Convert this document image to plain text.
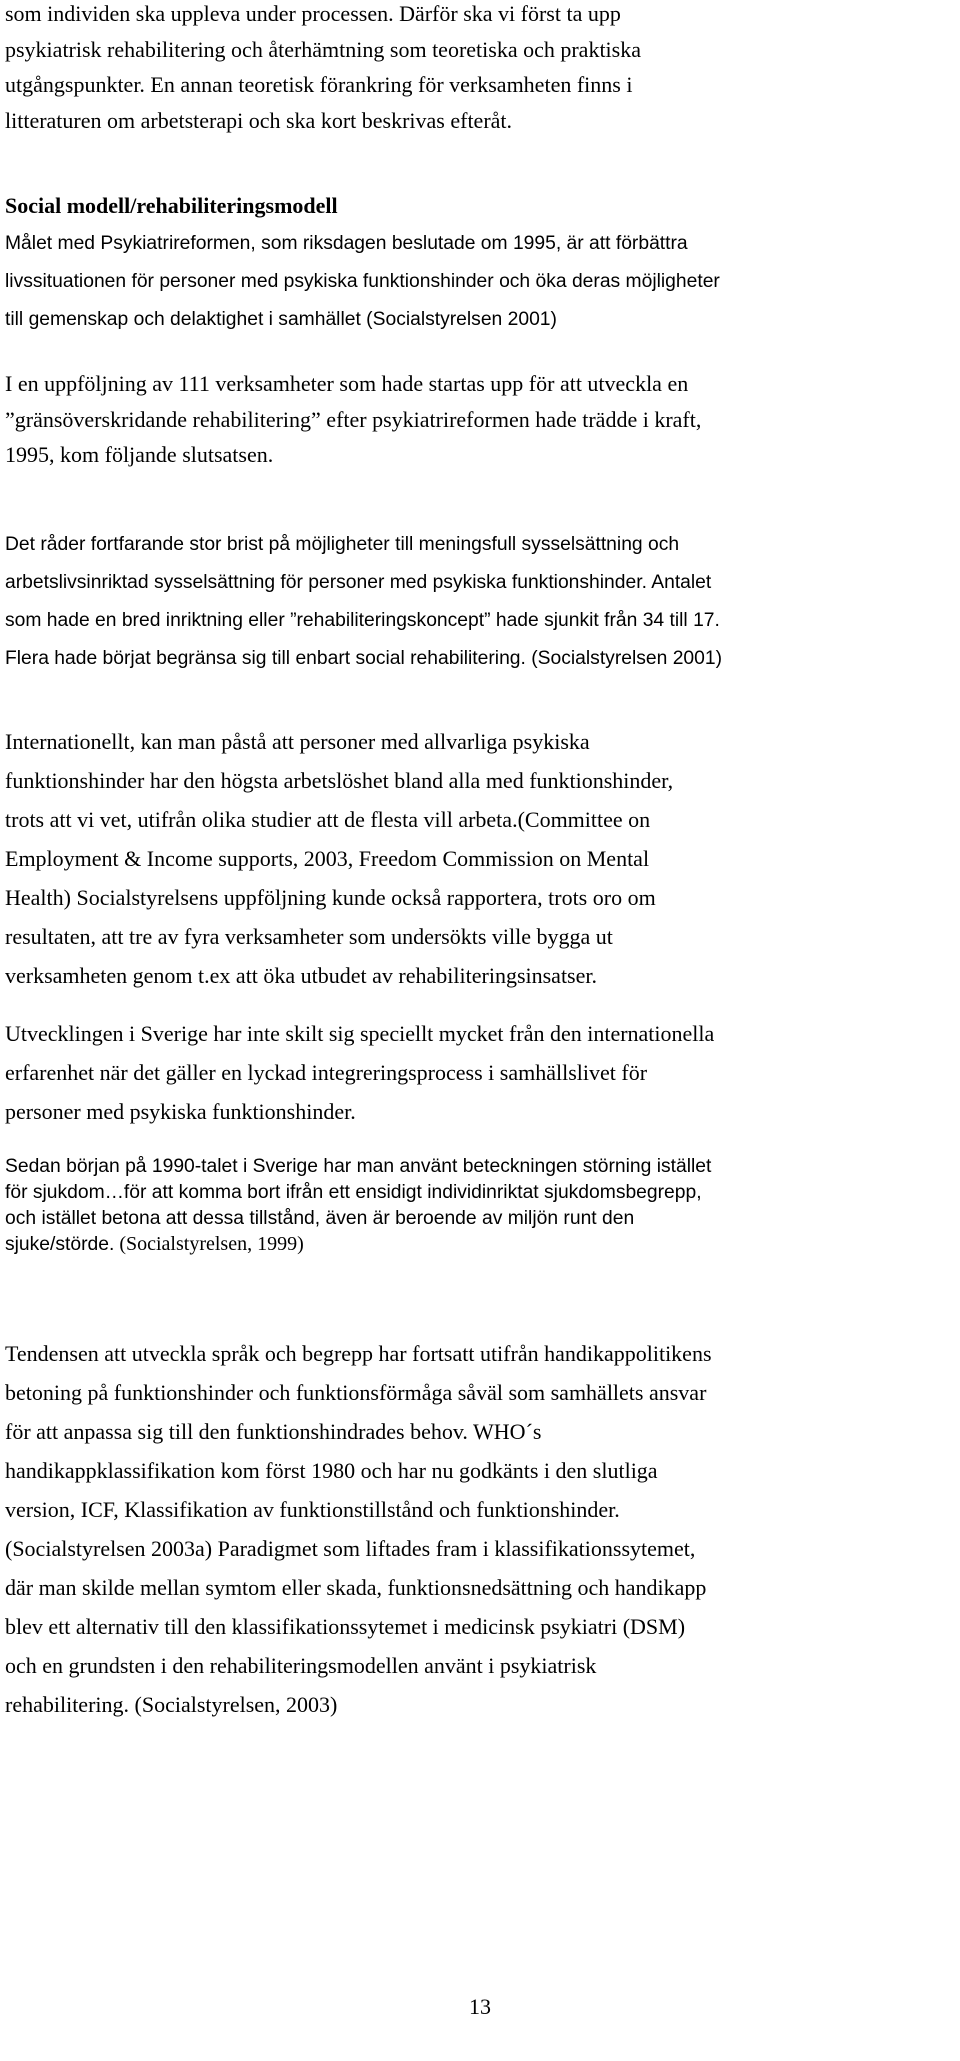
som individen ska uppleva under processen. Därför ska vi först ta upp
psykiatrisk rehabilitering och återhämtning som teoretiska och praktiska
utgångspunkter. En annan teoretisk förankring för verksamheten finns i
litteraturen om arbetsterapi och ska kort beskrivas efteråt.

Social modell/rehabiliteringsmodell

Målet med Psykiatrireformen, som riksdagen beslutade om 1995, är att förbättra
livssituationen för personer med psykiska funktionshinder och öka deras möjligheter
till gemenskap och delaktighet i samhället (Socialstyrelsen 2001)

I en uppföljning av 111 verksamheter som hade startas upp för att utveckla en
”gränsöverskridande rehabilitering” efter psykiatrireformen hade trädde i kraft,
1995, kom följande slutsatsen.

Det råder fortfarande stor brist på möjligheter till meningsfull sysselsättning och
arbetslivsinriktad sysselsättning för personer med psykiska funktionshinder. Antalet
som hade en bred inriktning eller ”rehabiliteringskoncept” hade sjunkit från 34 till 17.
Flera hade börjat begränsa sig till enbart social rehabilitering. (Socialstyrelsen 2001)

Internationellt, kan man påstå att personer med allvarliga psykiska
funktionshinder har den högsta arbetslöshet bland alla med funktionshinder,
trots att vi vet, utifrån olika studier att de flesta vill arbeta.(Committee on
Employment & Income supports, 2003, Freedom Commission on Mental
Health) Socialstyrelsens uppföljning kunde också rapportera, trots oro om
resultaten, att tre av fyra verksamheter som undersökts ville bygga ut
verksamheten genom t.ex att öka utbudet av rehabiliteringsinsatser.

Utvecklingen i Sverige har inte skilt sig speciellt mycket från den internationella
erfarenhet när det gäller en lyckad integreringsprocess i samhällslivet för
personer med psykiska funktionshinder.

Sedan början på 1990-talet i Sverige har man använt beteckningen störning istället
för sjukdom…för att komma bort ifrån ett ensidigt individinriktat sjukdomsbegrepp,
och istället betona att dessa tillstånd, även är beroende av miljön runt den
sjuke/störde.

(Socialstyrelsen, 1999)

Tendensen att utveckla språk och begrepp har fortsatt utifrån handikappolitikens
betoning på funktionshinder och funktionsförmåga såväl som samhällets ansvar
för att anpassa sig till den funktionshindrades behov. WHO´s
handikappklassifikation kom först 1980 och har nu godkänts i den slutliga
version, ICF, Klassifikation av funktionstillstånd och funktionshinder.
(Socialstyrelsen 2003a) Paradigmet som liftades fram i klassifikationssytemet,
där man skilde mellan symtom eller skada, funktionsnedsättning och handikapp
blev ett alternativ till den klassifikationssytemet i medicinsk psykiatri (DSM)
och en grundsten i den rehabiliteringsmodellen använt i psykiatrisk
rehabilitering. (Socialstyrelsen, 2003)

13
